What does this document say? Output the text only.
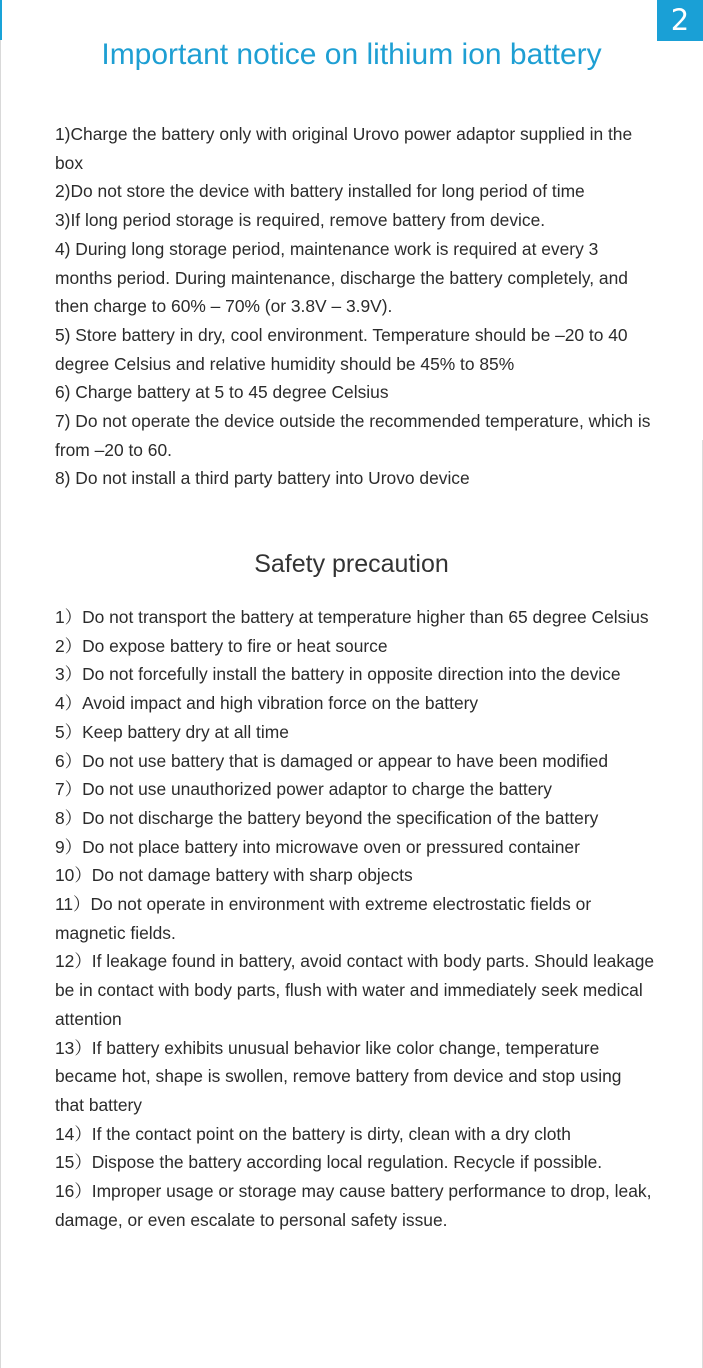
2
Important notice on lithium ion battery
1)Charge the battery only with original Urovo power adaptor supplied in the box
2)Do not store the device with battery installed for long period of time
3)If long period storage is required, remove battery from device.
4) During long storage period, maintenance work is required at every 3 months period. During maintenance, discharge the battery completely, and then charge to 60% – 70% (or 3.8V – 3.9V).
5) Store battery in dry, cool environment. Temperature should be –20 to 40 degree Celsius and relative humidity should be 45% to 85%
6) Charge battery at 5 to 45 degree Celsius
7) Do not operate the device outside the recommended temperature, which is from –20 to 60.
8) Do not install a third party battery into Urovo device
Safety precaution
1）Do not transport the battery at temperature higher than 65 degree Celsius
2）Do expose battery to fire or heat source
3）Do not forcefully install the battery in opposite direction into the device
4）Avoid impact and high vibration force on the battery
5）Keep battery dry at all time
6）Do not use battery that is damaged or appear to have been modified
7）Do not use unauthorized power adaptor to charge the battery
8）Do not discharge the battery beyond the specification of the battery
9）Do not place battery into microwave oven or pressured container
10）Do not damage battery with sharp objects
11）Do not operate in environment with extreme electrostatic fields or magnetic fields.
12）If leakage found in battery, avoid contact with body parts. Should leakage be in contact with body parts, flush with water and immediately seek medical attention
13）If battery exhibits unusual behavior like color change, temperature became hot, shape is swollen, remove battery from device and stop using that battery
14）If the contact point on the battery is dirty, clean with a dry cloth
15）Dispose the battery according local regulation. Recycle if possible.
16）Improper usage or storage may cause battery performance to drop, leak, damage, or even escalate to personal safety issue.
